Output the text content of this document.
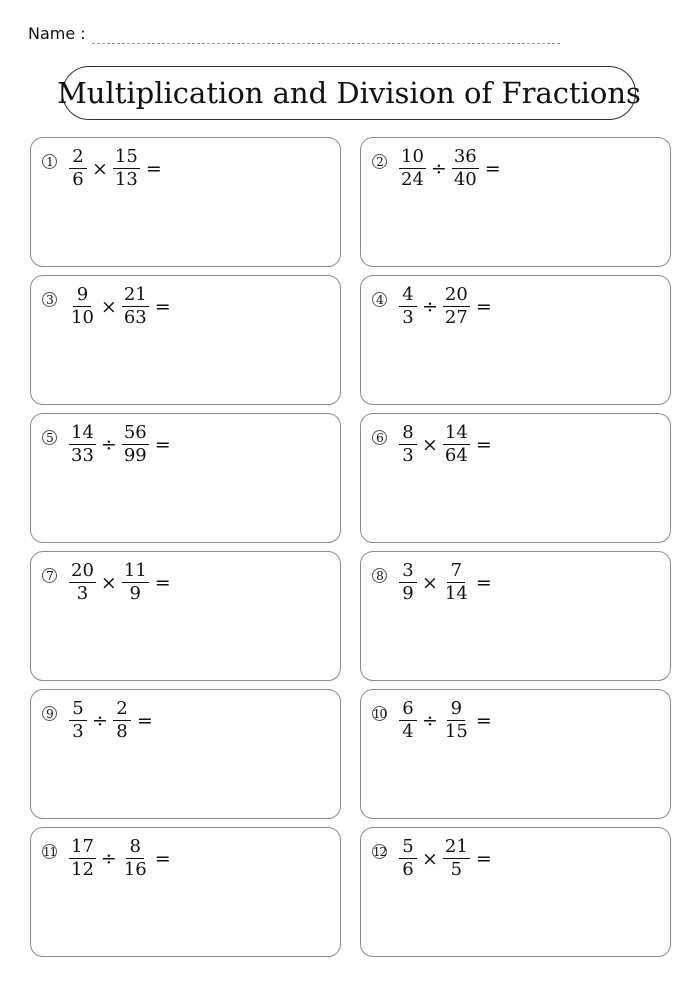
Name :
Multiplication and Division of Fractions
$1 \frac{2}{6} \times \frac{15}{13}$ =	$2 \frac{10}{24} \div \frac{36}{40}$ =
$3 \frac{9}{10} \times \frac{21}{63}$ =	$4 \frac{4}{3} \div \frac{20}{27}$ =
$5 \frac{14}{33} \div \frac{56}{99}$ =	$6 \frac{8}{3} \times \frac{14}{64}$ =
$7 \frac{20}{3} \times \frac{11}{9}$ =	$8 \frac{3}{9} \times \frac{7}{14}$ =
$9 \frac{5}{3} \div \frac{2}{8}$ =	$10 \frac{6}{4} \div \frac{9}{15}$ =
$11 \frac{17}{12} \div \frac{8}{16}$ =	$12 \frac{5}{6} \times \frac{21}{5}$ =
